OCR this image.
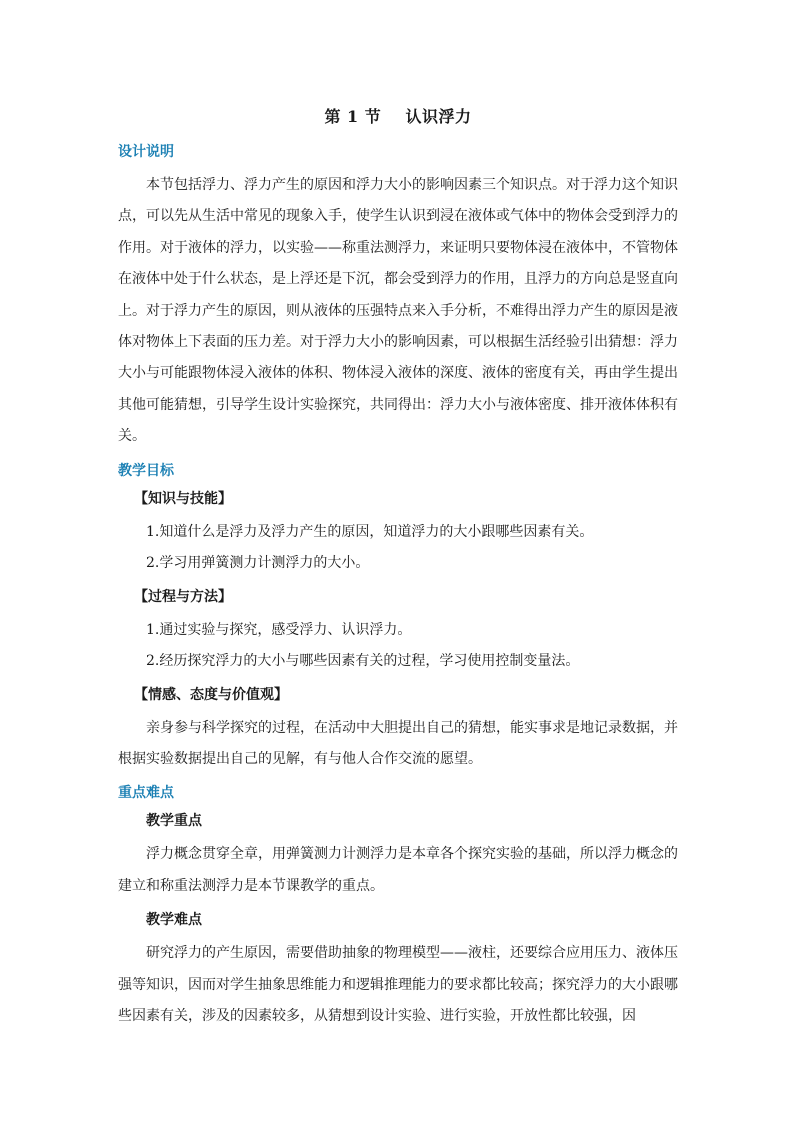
第 1 节    认识浮力
设计说明

本节包括浮力、浮力产生的原因和浮力大小的影响因素三个知识点。对于浮力这个知识点，可以先从生活中常见的现象入手，使学生认识到浸在液体或气体中的物体会受到浮力的作用。对于液体的浮力，以实验——称重法测浮力，来证明只要物体浸在液体中，不管物体在液体中处于什么状态，是上浮还是下沉，都会受到浮力的作用，且浮力的方向总是竖直向上。对于浮力产生的原因，则从液体的压强特点来入手分析，不难得出浮力产生的原因是液体对物体上下表面的压力差。对于浮力大小的影响因素，可以根据生活经验引出猜想：浮力大小与可能跟物体浸入液体的体积、物体浸入液体的深度、液体的密度有关，再由学生提出其他可能猜想，引导学生设计实验探究，共同得出：浮力大小与液体密度、排开液体体积有关。

教学目标
【知识与技能】
1.知道什么是浮力及浮力产生的原因，知道浮力的大小跟哪些因素有关。
2.学习用弹簧测力计测浮力的大小。
【过程与方法】
1.通过实验与探究，感受浮力、认识浮力。
2.经历探究浮力的大小与哪些因素有关的过程，学习使用控制变量法。
【情感、态度与价值观】

亲身参与科学探究的过程，在活动中大胆提出自己的猜想，能实事求是地记录数据，并根据实验数据提出自己的见解，有与他人合作交流的愿望。

重点难点
教学重点

浮力概念贯穿全章，用弹簧测力计测浮力是本章各个探究实验的基础，所以浮力概念的建立和称重法测浮力是本节课教学的重点。

教学难点

研究浮力的产生原因，需要借助抽象的物理模型——液柱，还要综合应用压力、液体压强等知识，因而对学生抽象思维能力和逻辑推理能力的要求都比较高；探究浮力的大小跟哪些因素有关，涉及的因素较多，从猜想到设计实验、进行实验，开放性都比较强，因
